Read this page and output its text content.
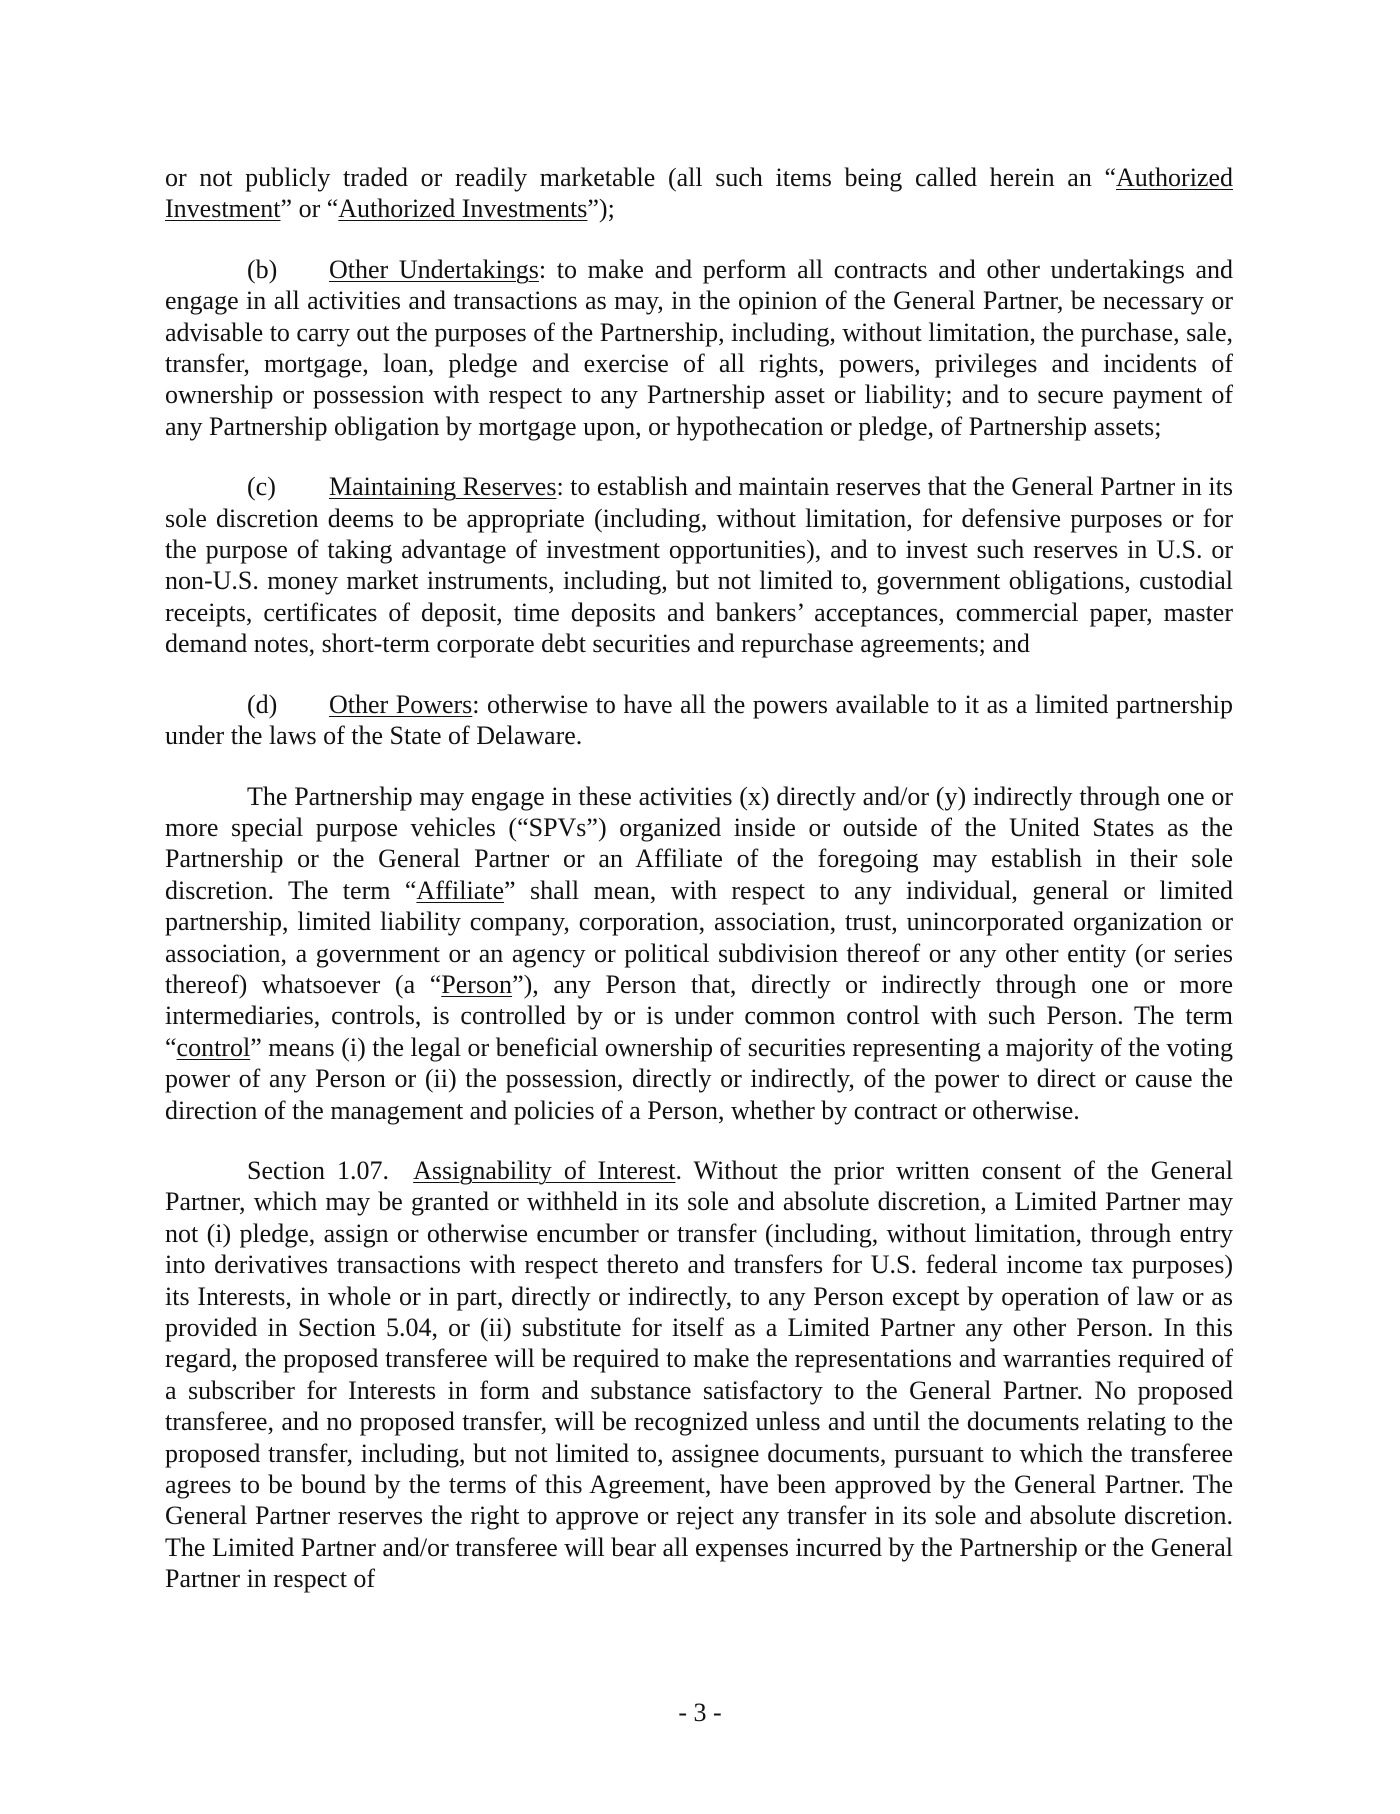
or not publicly traded or readily marketable (all such items being called herein an “Authorized Investment” or “Authorized Investments”);

(b) Other Undertakings: to make and perform all contracts and other undertakings and engage in all activities and transactions as may, in the opinion of the General Partner, be necessary or advisable to carry out the purposes of the Partnership, including, without limitation, the purchase, sale, transfer, mortgage, loan, pledge and exercise of all rights, powers, privileges and incidents of ownership or possession with respect to any Partnership asset or liability; and to secure payment of any Partnership obligation by mortgage upon, or hypothecation or pledge, of Partnership assets;

(c) Maintaining Reserves: to establish and maintain reserves that the General Partner in its sole discretion deems to be appropriate (including, without limitation, for defensive purposes or for the purpose of taking advantage of investment opportunities), and to invest such reserves in U.S. or non-U.S. money market instruments, including, but not limited to, government obligations, custodial receipts, certificates of deposit, time deposits and bankers’ acceptances, commercial paper, master demand notes, short-term corporate debt securities and repurchase agreements; and

(d) Other Powers: otherwise to have all the powers available to it as a limited partnership under the laws of the State of Delaware.

The Partnership may engage in these activities (x) directly and/or (y) indirectly through one or more special purpose vehicles (“SPVs”) organized inside or outside of the United States as the Partnership or the General Partner or an Affiliate of the foregoing may establish in their sole discretion. The term “Affiliate” shall mean, with respect to any individual, general or limited partnership, limited liability company, corporation, association, trust, unincorporated organization or association, a government or an agency or political subdivision thereof or any other entity (or series thereof) whatsoever (a “Person”), any Person that, directly or indirectly through one or more intermediaries, controls, is controlled by or is under common control with such Person. The term “control” means (i) the legal or beneficial ownership of securities representing a majority of the voting power of any Person or (ii) the possession, directly or indirectly, of the power to direct or cause the direction of the management and policies of a Person, whether by contract or otherwise.

Section 1.07. Assignability of Interest. Without the prior written consent of the General Partner, which may be granted or withheld in its sole and absolute discretion, a Limited Partner may not (i) pledge, assign or otherwise encumber or transfer (including, without limitation, through entry into derivatives transactions with respect thereto and transfers for U.S. federal income tax purposes) its Interests, in whole or in part, directly or indirectly, to any Person except by operation of law or as provided in Section 5.04, or (ii) substitute for itself as a Limited Partner any other Person. In this regard, the proposed transferee will be required to make the representations and warranties required of a subscriber for Interests in form and substance satisfactory to the General Partner. No proposed transferee, and no proposed transfer, will be recognized unless and until the documents relating to the proposed transfer, including, but not limited to, assignee documents, pursuant to which the transferee agrees to be bound by the terms of this Agreement, have been approved by the General Partner. The General Partner reserves the right to approve or reject any transfer in its sole and absolute discretion. The Limited Partner and/or transferee will bear all expenses incurred by the Partnership or the General Partner in respect of

- 3 -
